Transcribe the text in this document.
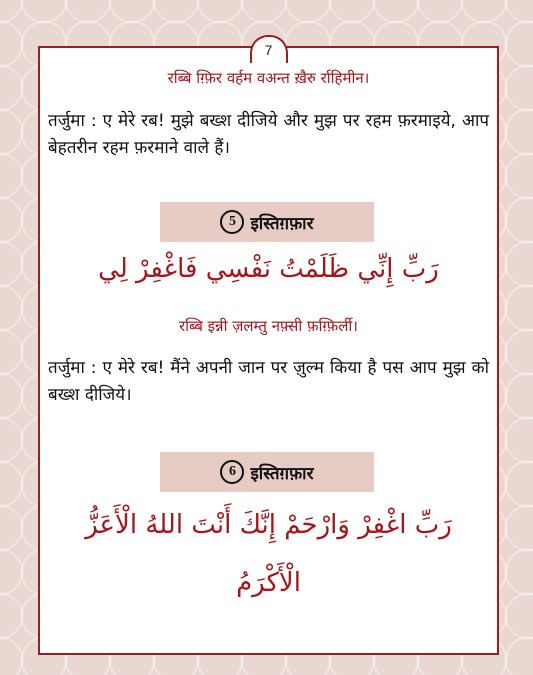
7
रब्बि ग़्फ़िर वर्हम वअन्त ख़ैरु र्राहिमीन।
तर्जुमा : ए मेरे रब! मुझे बख्श दीजिये और मुझ पर रहम फ़रमाइये, आप बेहतरीन रहम फ़रमाने वाले हैं।
5 इस्तिग़फ़ार
رَبِّ إِنِّي ظَلَمْتُ نَفْسِي فَاغْفِرْ لِي
रब्बि इन्नी ज़लम्तु नफ़्सी फ़ग़्फ़िर्ली।
तर्जुमा : ए मेरे रब! मैंने अपनी जान पर ज़ुल्म किया है पस आप मुझ को बख्श दीजिये।
6 इस्तिग़फ़ार
رَبِّ اغْفِرْ وَارْحَمْ إِنَّكَ أَنْتَ اللهُ الْأَعَزُّ
الْأَكْرَمُ
